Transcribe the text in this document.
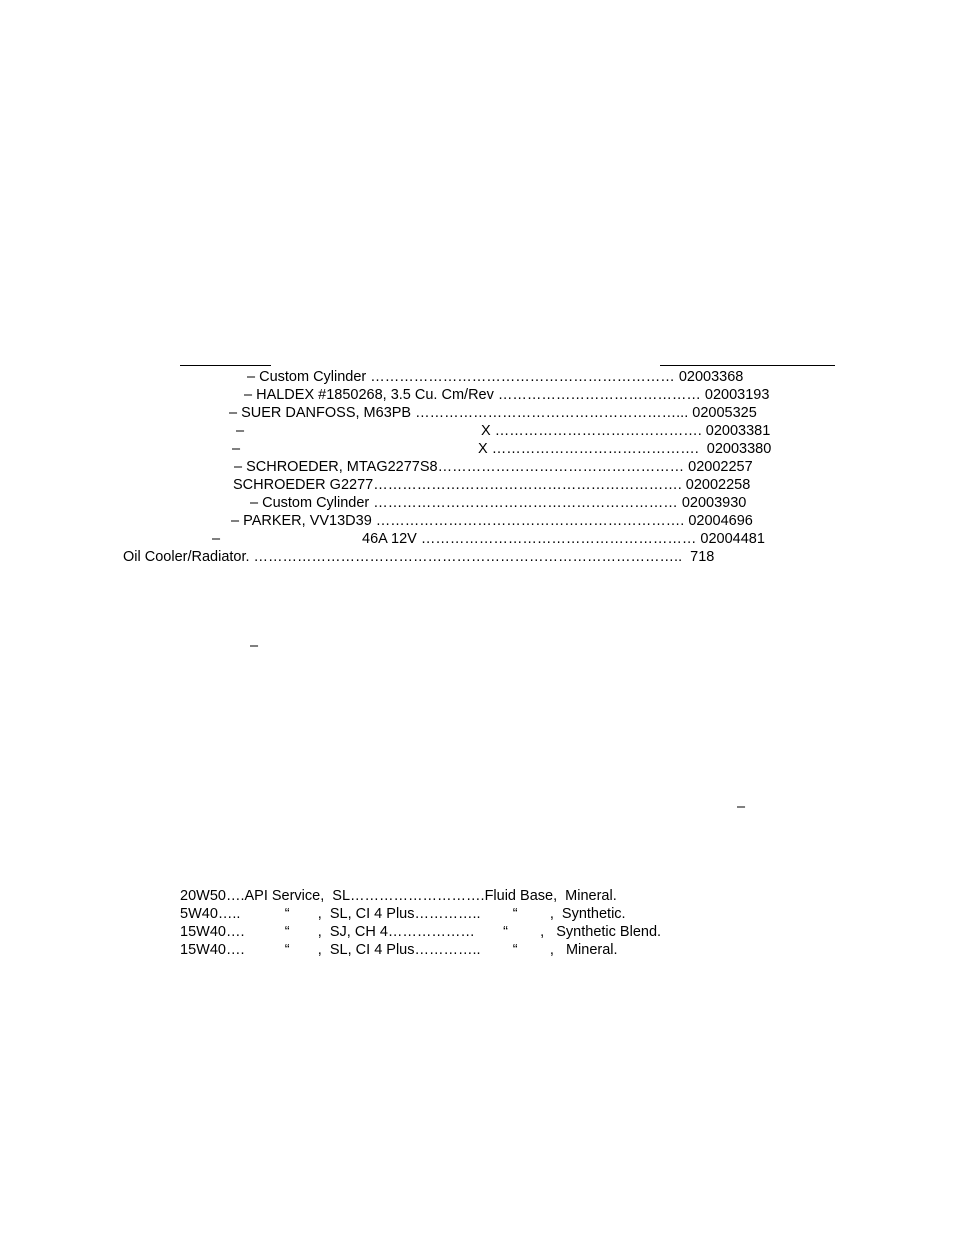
– Custom Cylinder ……………………………………………………… 02003368
– HALDEX #1850268, 3.5 Cu. Cm/Rev …………………………………… 02003193
– SUER DANFOSS, M63PB ………………………………………………... 02005325
–	X ……………………………………. 02003381
–	X …………………………………….  02003380
– SCHROEDER, MTAG2277S8…………………………………………… 02002257
SCHROEDER G2277………………………………………………………. 02002258
– Custom Cylinder ……………………………………………………… 02003930
– PARKER, VV13D39 ………………………………………………………. 02004696
–	46A 12V ………………………………………………… 02004481
Oil Cooler/Radiator. ……………………………………………………………………………..  718
–
–
20W50….API Service,  SL……………………….Fluid Base,  Mineral.
5W40…..           “       ,  SL, CI 4 Plus…………..        “        ,  Synthetic.
15W40….          “       ,  SJ, CH 4………………       “        ,   Synthetic Blend.
15W40….          “       ,  SL, CI 4 Plus…………..        “        ,   Mineral.
